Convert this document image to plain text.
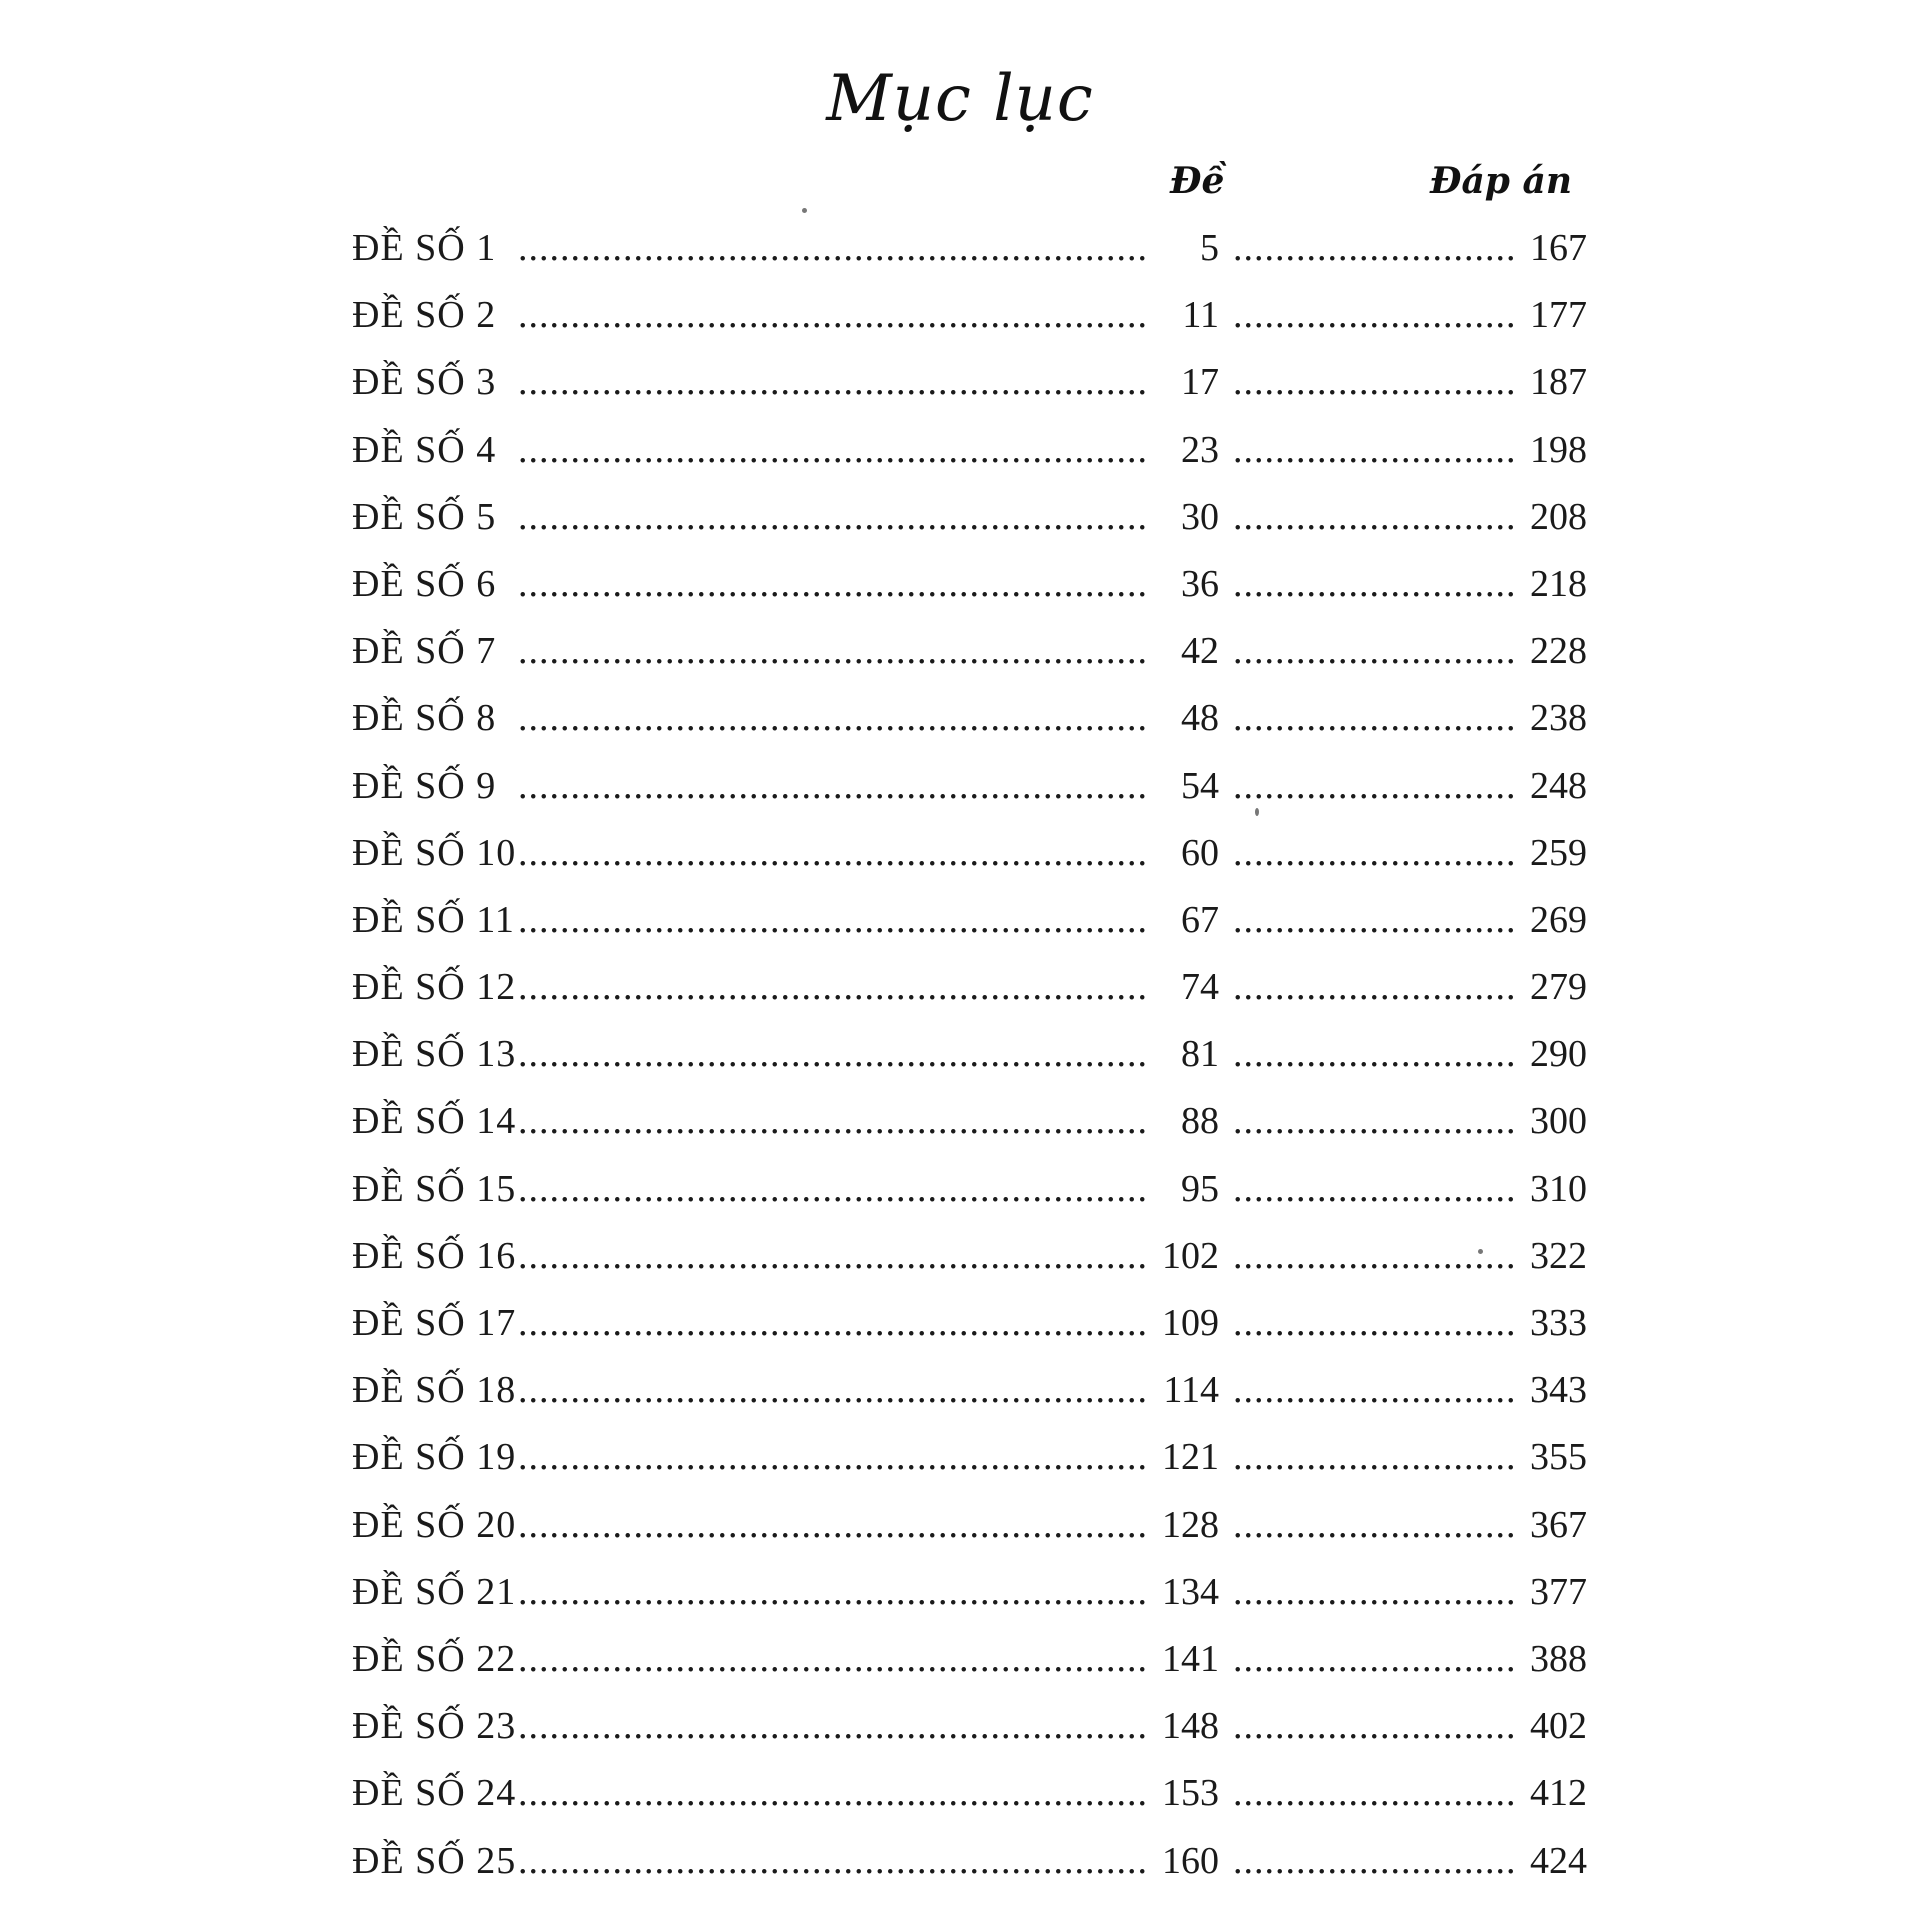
Mục lục
Đề	Đáp án
ĐỀ SỐ 1 .....	5 .....	167
ĐỀ SỐ 2 .....	11 .....	177
ĐỀ SỐ 3 .....	17 .....	187
ĐỀ SỐ 4 .....	23 .....	198
ĐỀ SỐ 5 .....	30 .....	208
ĐỀ SỐ 6 .....	36 .....	218
ĐỀ SỐ 7 .....	42 .....	228
ĐỀ SỐ 8 .....	48 .....	238
ĐỀ SỐ 9 .....	54 .....	248
ĐỀ SỐ 10 .....	60 .....	259
ĐỀ SỐ 11 .....	67 .....	269
ĐỀ SỐ 12 .....	74 .....	279
ĐỀ SỐ 13 .....	81 .....	290
ĐỀ SỐ 14 .....	88 .....	300
ĐỀ SỐ 15 .....	95 .....	310
ĐỀ SỐ 16 .....	102 .....	322
ĐỀ SỐ 17 .....	109 .....	333
ĐỀ SỐ 18 .....	114 .....	343
ĐỀ SỐ 19 .....	121 .....	355
ĐỀ SỐ 20 .....	128 .....	367
ĐỀ SỐ 21 .....	134 .....	377
ĐỀ SỐ 22 .....	141 .....	388
ĐỀ SỐ 23 .....	148 .....	402
ĐỀ SỐ 24 .....	153 .....	412
ĐỀ SỐ 25 .....	160 .....	424
